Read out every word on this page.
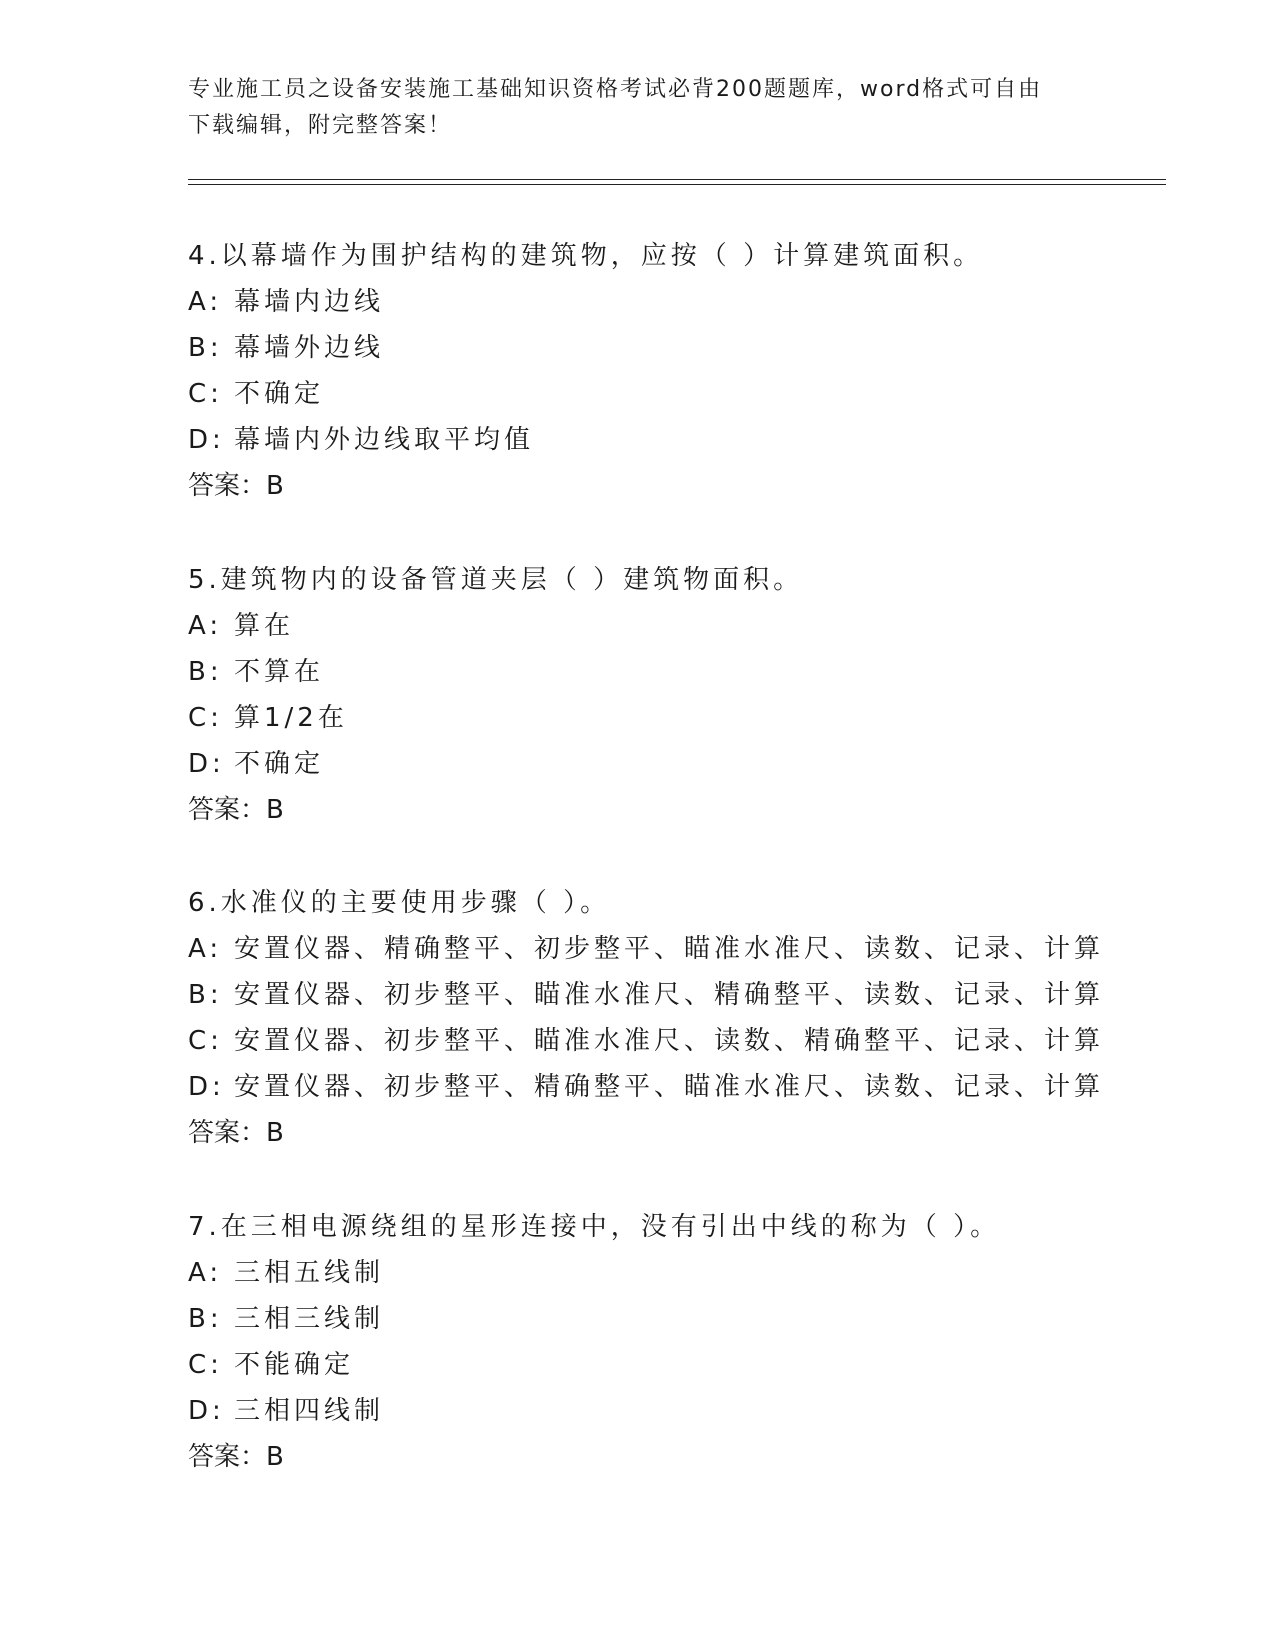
专业施工员之设备安装施工基础知识资格考试必背200题题库，word格式可自由
下载编辑，附完整答案！
4.以幕墙作为围护结构的建筑物，应按（ ）计算建筑面积。
A: 幕墙内边线
B: 幕墙外边线
C: 不确定
D: 幕墙内外边线取平均值
答案：B
5.建筑物内的设备管道夹层（ ）建筑物面积。
A: 算在
B: 不算在
C: 算1/2在
D: 不确定
答案：B
6.水准仪的主要使用步骤（ ）。
A: 安置仪器、精确整平、初步整平、瞄准水准尺、读数、记录、计算
B: 安置仪器、初步整平、瞄准水准尺、精确整平、读数、记录、计算
C: 安置仪器、初步整平、瞄准水准尺、读数、精确整平、记录、计算
D: 安置仪器、初步整平、精确整平、瞄准水准尺、读数、记录、计算
答案：B
7.在三相电源绕组的星形连接中，没有引出中线的称为（ ）。
A: 三相五线制
B: 三相三线制
C: 不能确定
D: 三相四线制
答案：B
